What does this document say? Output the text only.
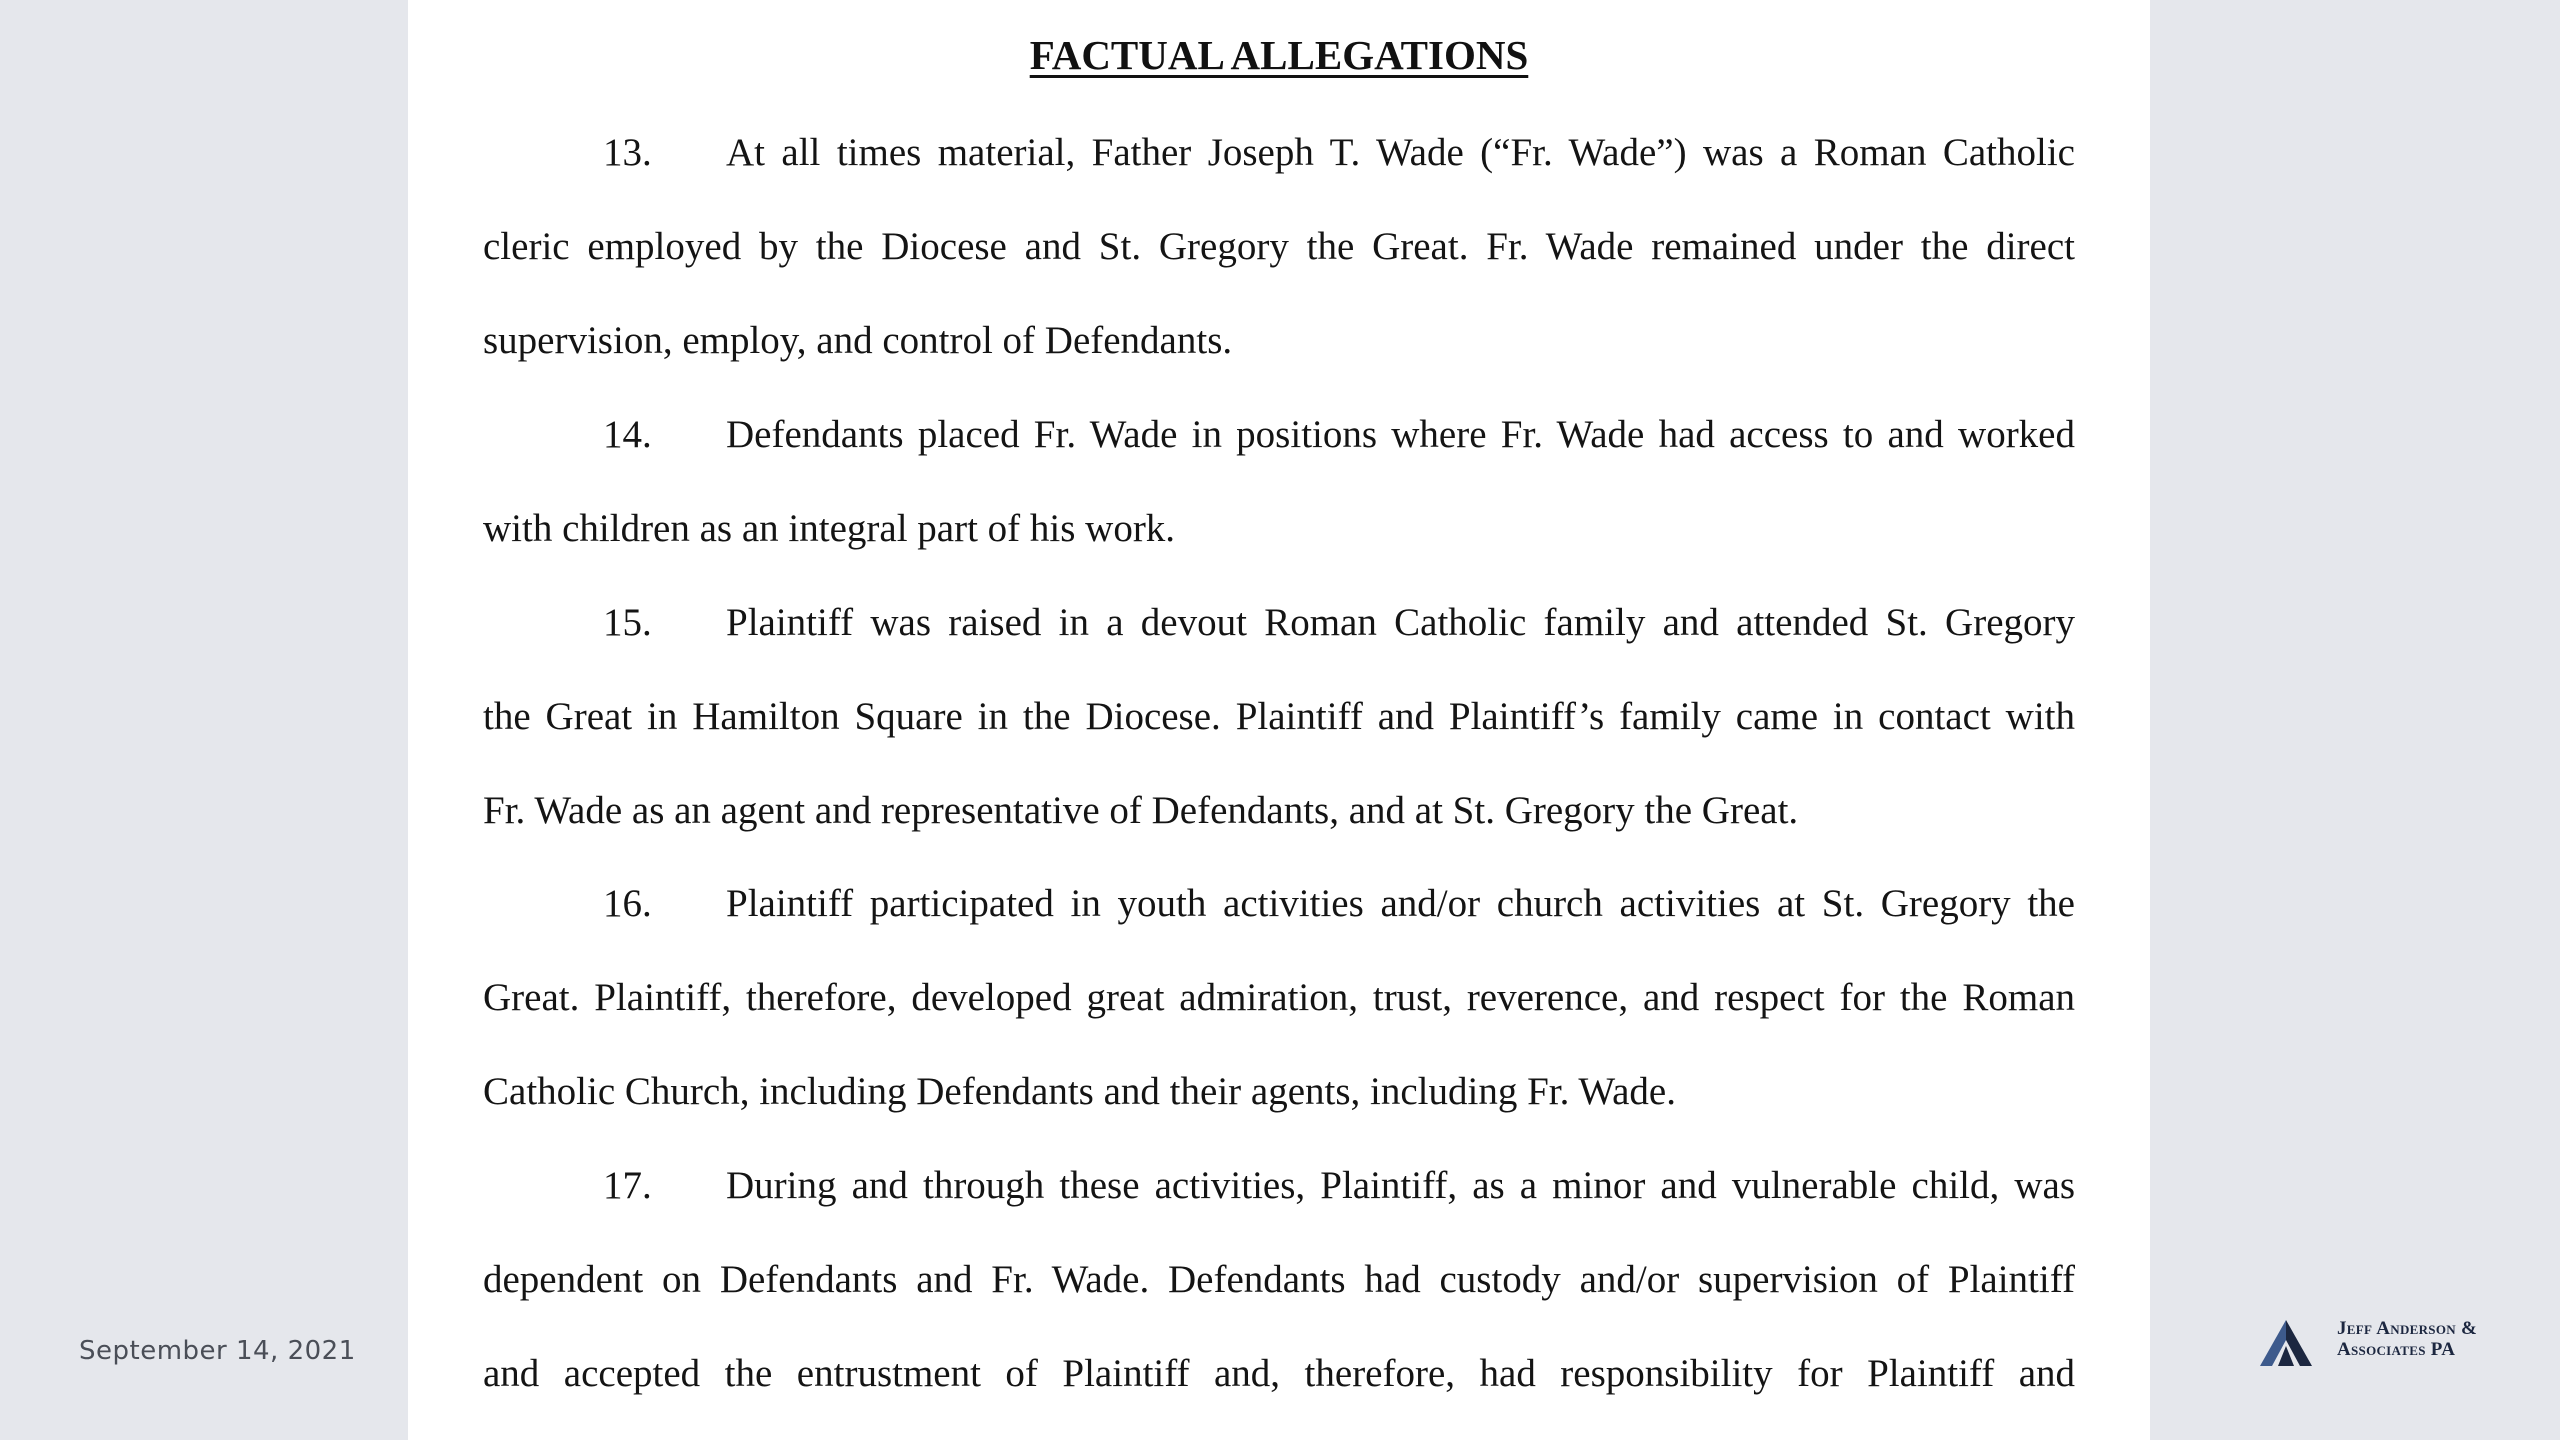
FACTUAL ALLEGATIONS
13. At all times material, Father Joseph T. Wade (“Fr. Wade”) was a Roman Catholic
cleric employed by the Diocese and St. Gregory the Great. Fr. Wade remained under the direct
supervision, employ, and control of Defendants.
14. Defendants placed Fr. Wade in positions where Fr. Wade had access to and worked
with children as an integral part of his work.
15. Plaintiff was raised in a devout Roman Catholic family and attended St. Gregory
the Great in Hamilton Square in the Diocese. Plaintiff and Plaintiff’s family came in contact with
Fr. Wade as an agent and representative of Defendants, and at St. Gregory the Great.
16. Plaintiff participated in youth activities and/or church activities at St. Gregory the
Great. Plaintiff, therefore, developed great admiration, trust, reverence, and respect for the Roman
Catholic Church, including Defendants and their agents, including Fr. Wade.
17. During and through these activities, Plaintiff, as a minor and vulnerable child, was
dependent on Defendants and Fr. Wade. Defendants had custody and/or supervision of Plaintiff
and accepted the entrustment of Plaintiff and, therefore, had responsibility for Plaintiff and
September 14, 2021
Jeff Anderson &
Associates PA
